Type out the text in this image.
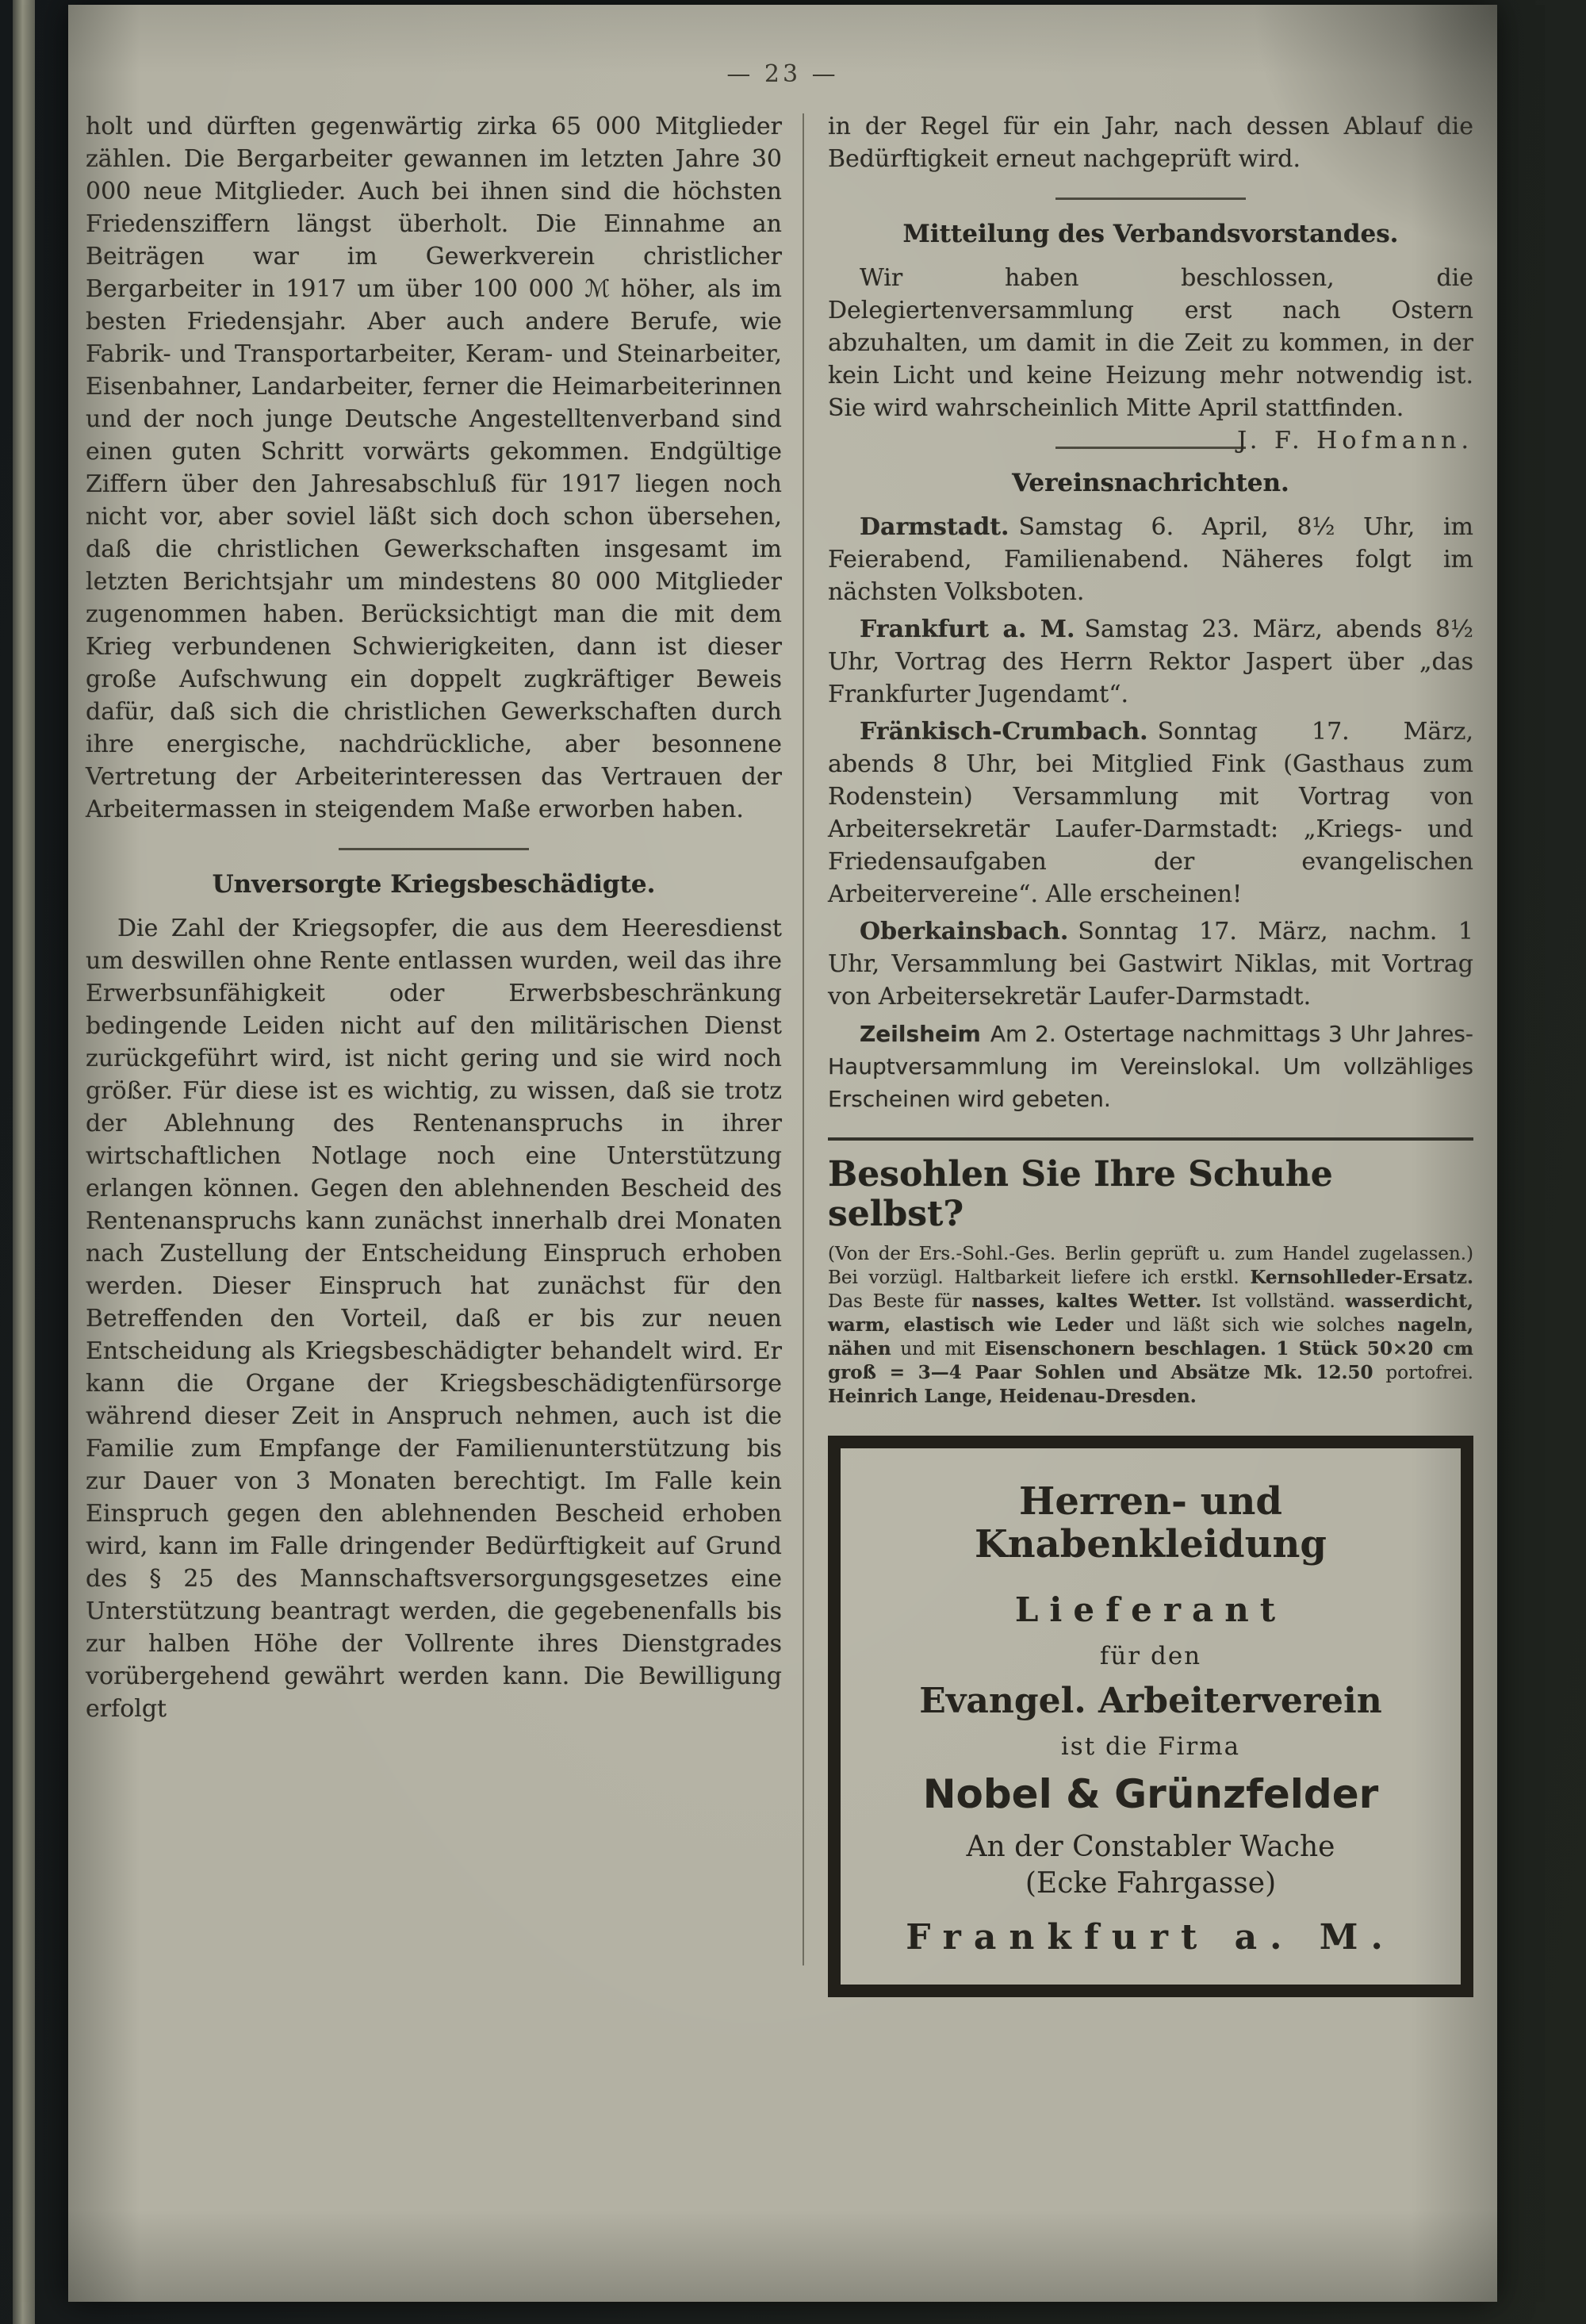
— 23 —

holt und dürften gegenwärtig zirka 65 000 Mitglieder zählen. Die Bergarbeiter gewannen im letzten Jahre 30 000 neue Mitglieder. Auch bei ihnen sind die höchsten Friedensziffern längst überholt. Die Einnahme an Beiträgen war im Gewerkverein christlicher Bergarbeiter in 1917 um über 100 000 ℳ höher, als im besten Friedensjahr. Aber auch andere Berufe, wie Fabrik- und Transportarbeiter, Keram- und Steinarbeiter, Eisenbahner, Landarbeiter, ferner die Heimarbeiterinnen und der noch junge Deutsche Angestelltenverband sind einen guten Schritt vorwärts gekommen. Endgültige Ziffern über den Jahresabschluß für 1917 liegen noch nicht vor, aber soviel läßt sich doch schon übersehen, daß die christlichen Gewerkschaften insgesamt im letzten Berichtsjahr um mindestens 80 000 Mitglieder zugenommen haben. Berücksichtigt man die mit dem Krieg verbundenen Schwierigkeiten, dann ist dieser große Aufschwung ein doppelt zugkräftiger Beweis dafür, daß sich die christlichen Gewerkschaften durch ihre energische, nachdrückliche, aber besonnene Vertretung der Arbeiterinteressen das Vertrauen der Arbeitermassen in steigendem Maße erworben haben.

Unversorgte Kriegsbeschädigte.

Die Zahl der Kriegsopfer, die aus dem Heeresdienst um deswillen ohne Rente entlassen wurden, weil das ihre Erwerbsunfähigkeit oder Erwerbsbeschränkung bedingende Leiden nicht auf den militärischen Dienst zurückgeführt wird, ist nicht gering und sie wird noch größer. Für diese ist es wichtig, zu wissen, daß sie trotz der Ablehnung des Rentenanspruchs in ihrer wirtschaftlichen Notlage noch eine Unterstützung erlangen können. Gegen den ablehnenden Bescheid des Rentenanspruchs kann zunächst innerhalb drei Monaten nach Zustellung der Entscheidung Einspruch erhoben werden. Dieser Einspruch hat zunächst für den Betreffenden den Vorteil, daß er bis zur neuen Entscheidung als Kriegsbeschädigter behandelt wird. Er kann die Organe der Kriegsbeschädigtenfürsorge während dieser Zeit in Anspruch nehmen, auch ist die Familie zum Empfange der Familienunterstützung bis zur Dauer von 3 Monaten berechtigt. Im Falle kein Einspruch gegen den ablehnenden Bescheid erhoben wird, kann im Falle dringender Bedürftigkeit auf Grund des § 25 des Mannschaftsversorgungsgesetzes eine Unterstützung beantragt werden, die gegebenenfalls bis zur halben Höhe der Vollrente ihres Dienstgrades vorübergehend gewährt werden kann. Die Bewilligung erfolgt

in der Regel für ein Jahr, nach dessen Ablauf die Bedürftigkeit erneut nachgeprüft wird.

Mitteilung des Verbandsvorstandes.

Wir haben beschlossen, die Delegiertenversammlung erst nach Ostern abzuhalten, um damit in die Zeit zu kommen, in der kein Licht und keine Heizung mehr notwendig ist. Sie wird wahrscheinlich Mitte April stattfinden.
J. F. Hofmann.

Vereinsnachrichten.

Darmstadt. Samstag 6. April, 8½ Uhr, im Feierabend, Familienabend. Näheres folgt im nächsten Volksboten.

Frankfurt a. M. Samstag 23. März, abends 8½ Uhr, Vortrag des Herrn Rektor Jaspert über „das Frankfurter Jugendamt“.

Fränkisch-Crumbach. Sonntag 17. März, abends 8 Uhr, bei Mitglied Fink (Gasthaus zum Rodenstein) Versammlung mit Vortrag von Arbeitersekretär Laufer-Darmstadt: „Kriegs- und Friedensaufgaben der evangelischen Arbeitervereine“. Alle erscheinen!

Oberkainsbach. Sonntag 17. März, nachm. 1 Uhr, Versammlung bei Gastwirt Niklas, mit Vortrag von Arbeitersekretär Laufer-Darmstadt.

Zeilsheim Am 2. Ostertage nachmittags 3 Uhr Jahres-Hauptversammlung im Vereinslokal. Um vollzähliges Erscheinen wird gebeten.

Besohlen Sie Ihre Schuhe selbst?

(Von der Ers.-Sohl.-Ges. Berlin geprüft u. zum Handel zugelassen.) Bei vorzügl. Haltbarkeit liefere ich erstkl. Kernsohlleder-Ersatz. Das Beste für nasses, kaltes Wetter. Ist vollständ. wasserdicht, warm, elastisch wie Leder und läßt sich wie solches nageln, nähen und mit Eisenschonern beschlagen. 1 Stück 50×20 cm groß = 3—4 Paar Sohlen und Absätze Mk. 12.50 portofrei. Heinrich Lange, Heidenau-Dresden.

Herren- und Knabenkleidung
Lieferant
für den
Evangel. Arbeiterverein
ist die Firma
Nobel & Grünzfelder
An der Constabler Wache
(Ecke Fahrgasse)
Frankfurt a. M.
